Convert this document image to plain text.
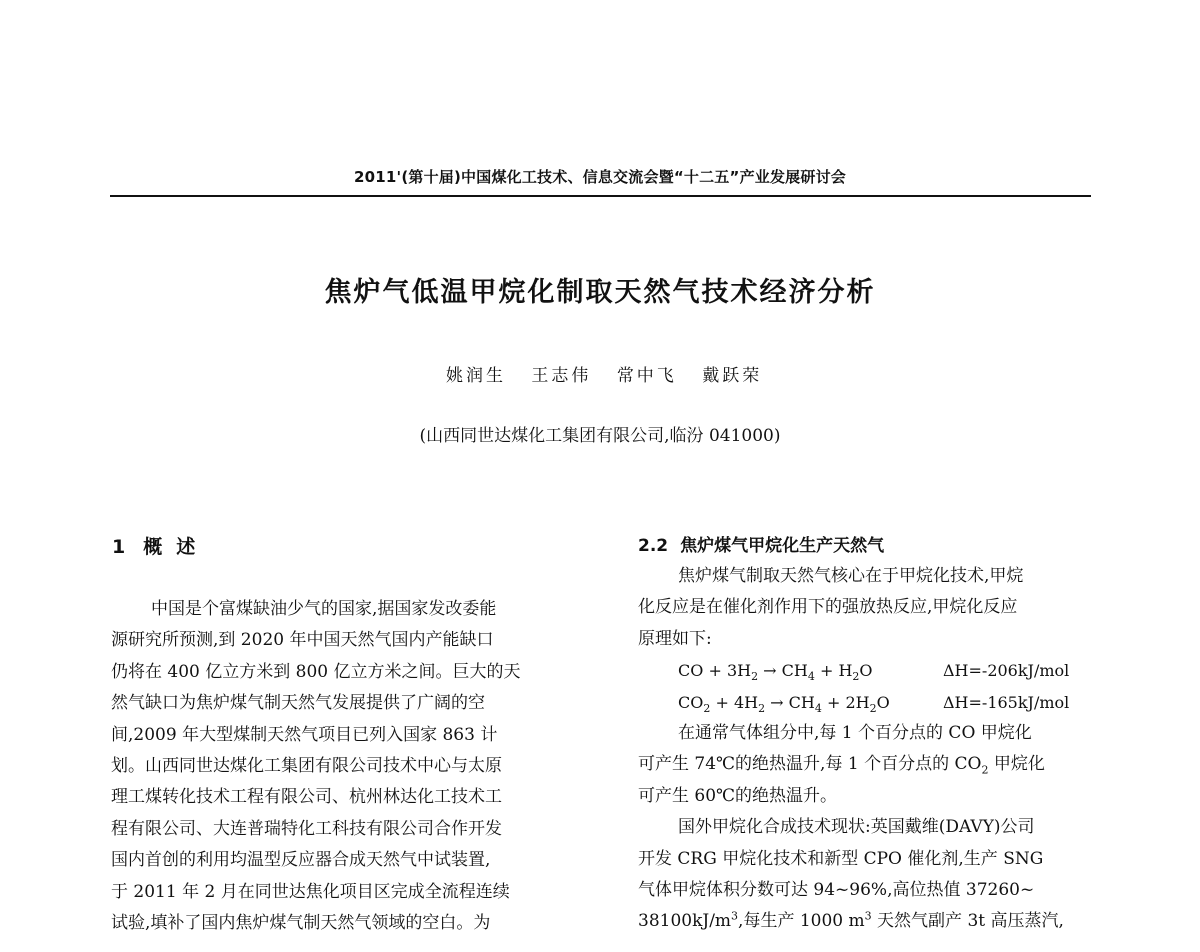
2011'(第十届)中国煤化工技术、信息交流会暨“十二五”产业发展研讨会
焦炉气低温甲烷化制取天然气技术经济分析
姚润生 王志伟 常中飞 戴跃荣
(山西同世达煤化工集团有限公司,临汾 041000)
1 概述
中国是个富煤缺油少气的国家,据国家发改委能
源研究所预测,到 2020 年中国天然气国内产能缺口
仍将在 400 亿立方米到 800 亿立方米之间。巨大的天
然气缺口为焦炉煤气制天然气发展提供了广阔的空
间,2009 年大型煤制天然气项目已列入国家 863 计
划。山西同世达煤化工集团有限公司技术中心与太原
理工煤转化技术工程有限公司、杭州林达化工技术工
程有限公司、大连普瑞特化工科技有限公司合作开发
国内首创的利用均温型反应器合成天然气中试装置,
于 2011 年 2 月在同世达焦化项目区完成全流程连续
试验,填补了国内焦炉煤气制天然气领域的空白。为
2.2 焦炉煤气甲烷化生产天然气
焦炉煤气制取天然气核心在于甲烷化技术,甲烷
化反应是在催化剂作用下的强放热反应,甲烷化反应
原理如下:
CO + $3H_2 \to CH_4 + H_2O$	ΔH=-206kJ/mol
$CO_2 + 4H_2 \to CH_4 + 2H_2O$	ΔH=-165kJ/mol
在通常气体组分中,每 1 个百分点的 CO 甲烷化
可产生 74℃的绝热温升,每 1 个百分点的 $CO_2$ 甲烷化
可产生 60℃的绝热温升。
国外甲烷化合成技术现状:英国戴维(DAVY)公司
开发 CRG 甲烷化技术和新型 CPO 催化剂,生产 SNG
气体甲烷体积分数可达 94~96%,高位热值 37260~
$38100kJ/m^3$,每生产 1000 $m^3$ 天然气副产 3t 高压蒸汽,
